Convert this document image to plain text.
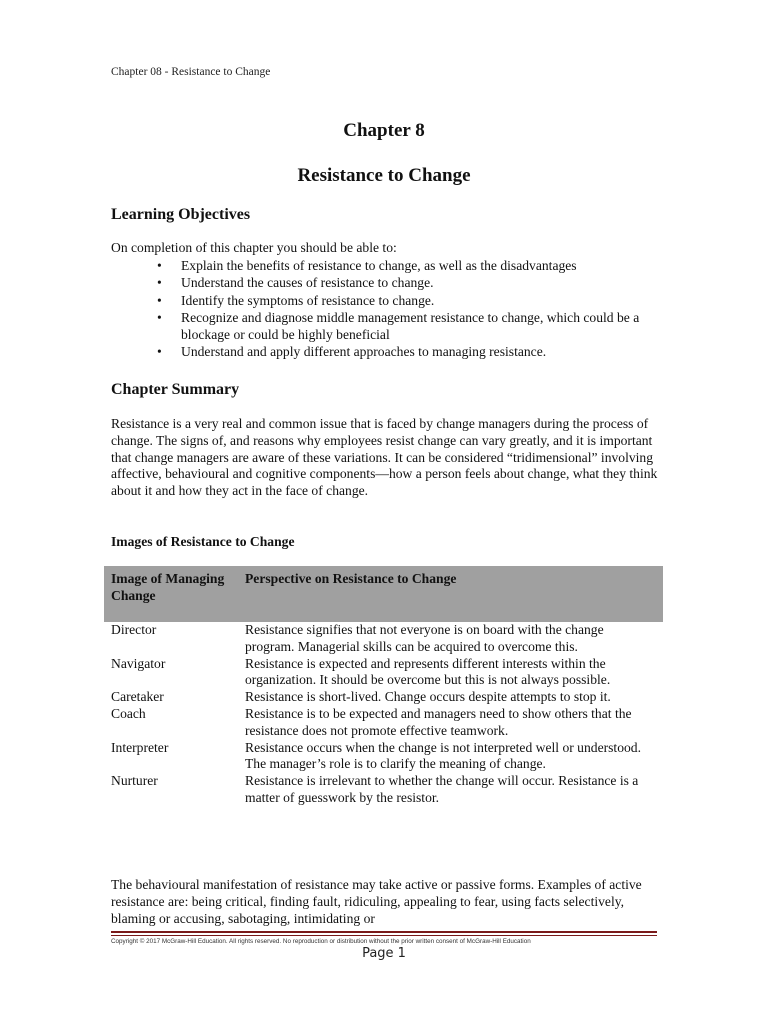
Chapter 08 - Resistance to Change
Chapter 8
Resistance to Change
Learning Objectives
On completion of this chapter you should be able to:
• Explain the benefits of resistance to change, as well as the disadvantages
• Understand the causes of resistance to change.
• Identify the symptoms of resistance to change.
• Recognize and diagnose middle management resistance to change, which could be a blockage or could be highly beneficial
• Understand and apply different approaches to managing resistance.
Chapter Summary
Resistance is a very real and common issue that is faced by change managers during the process of change. The signs of, and reasons why employees resist change can vary greatly, and it is important that change managers are aware of these variations. It can be considered “tridimensional” involving affective, behavioural and cognitive components—how a person feels about change, what they think about it and how they act in the face of change.
Images of Resistance to Change
Image of Managing Change	Perspective on Resistance to Change
Director	Resistance signifies that not everyone is on board with the change program. Managerial skills can be acquired to overcome this.
Navigator	Resistance is expected and represents different interests within the organization. It should be overcome but this is not always possible.
Caretaker	Resistance is short-lived. Change occurs despite attempts to stop it.
Coach	Resistance is to be expected and managers need to show others that the resistance does not promote effective teamwork.
Interpreter	Resistance occurs when the change is not interpreted well or understood. The manager’s role is to clarify the meaning of change.
Nurturer	Resistance is irrelevant to whether the change will occur. Resistance is a matter of guesswork by the resistor.
The behavioural manifestation of resistance may take active or passive forms. Examples of active resistance are: being critical, finding fault, ridiculing, appealing to fear, using facts selectively, blaming or accusing, sabotaging, intimidating or
Copyright © 2017 McGraw-Hill Education. All rights reserved. No reproduction or distribution without the prior written consent of McGraw-Hill Education
Page 1
